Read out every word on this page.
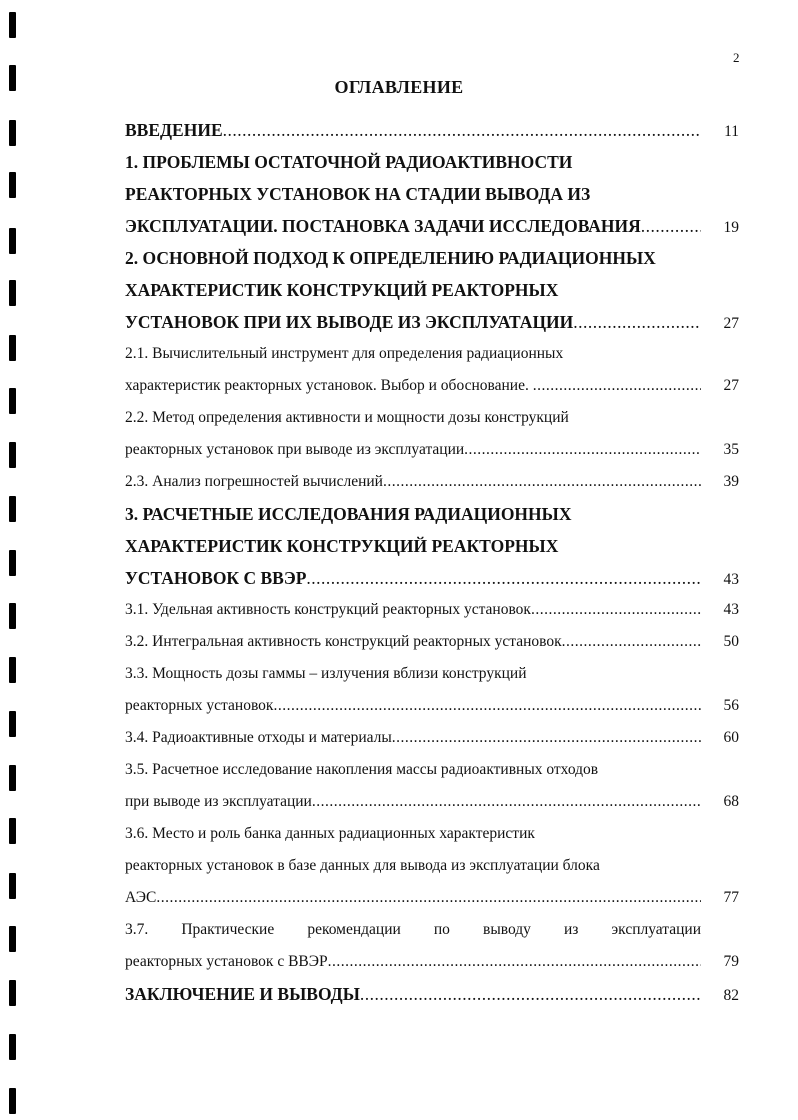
2
ОГЛАВЛЕНИЕ
ВВЕДЕНИЕ .....	11
1. ПРОБЛЕМЫ ОСТАТОЧНОЙ РАДИОАКТИВНОСТИ
РЕАКТОРНЫХ УСТАНОВОК НА СТАДИИ ВЫВОДА ИЗ
ЭКСПЛУАТАЦИИ. ПОСТАНОВКА ЗАДАЧИ ИССЛЕДОВАНИЯ .....	19
2. ОСНОВНОЙ ПОДХОД К ОПРЕДЕЛЕНИЮ РАДИАЦИОННЫХ
ХАРАКТЕРИСТИК КОНСТРУКЦИЙ РЕАКТОРНЫХ
УСТАНОВОК ПРИ ИХ ВЫВОДЕ ИЗ ЭКСПЛУАТАЦИИ .....	27
2.1. Вычислительный инструмент для определения радиационных
характеристик реакторных установок. Выбор и обоснование. .....	27
2.2. Метод определения активности и мощности дозы конструкций
реакторных установок при выводе из эксплуатации .....	35
2.3. Анализ погрешностей вычислений .....	39
3. РАСЧЕТНЫЕ ИССЛЕДОВАНИЯ РАДИАЦИОННЫХ
ХАРАКТЕРИСТИК КОНСТРУКЦИЙ РЕАКТОРНЫХ
УСТАНОВОК С ВВЭР .....	43
3.1. Удельная активность конструкций реакторных установок .....	43
3.2. Интегральная активность конструкций реакторных установок .....	50
3.3. Мощность дозы гаммы – излучения вблизи конструкций
реакторных установок .....	56
3.4. Радиоактивные отходы и материалы .....	60
3.5. Расчетное исследование накопления массы радиоактивных отходов
при выводе из эксплуатации .....	68
3.6. Место и роль банка данных радиационных характеристик
реакторных установок в базе данных для вывода из эксплуатации блока
АЭС .....	77
3.7. Практические рекомендации по выводу из эксплуатации
реакторных установок с ВВЭР .....	79
ЗАКЛЮЧЕНИЕ И ВЫВОДЫ .....	82
